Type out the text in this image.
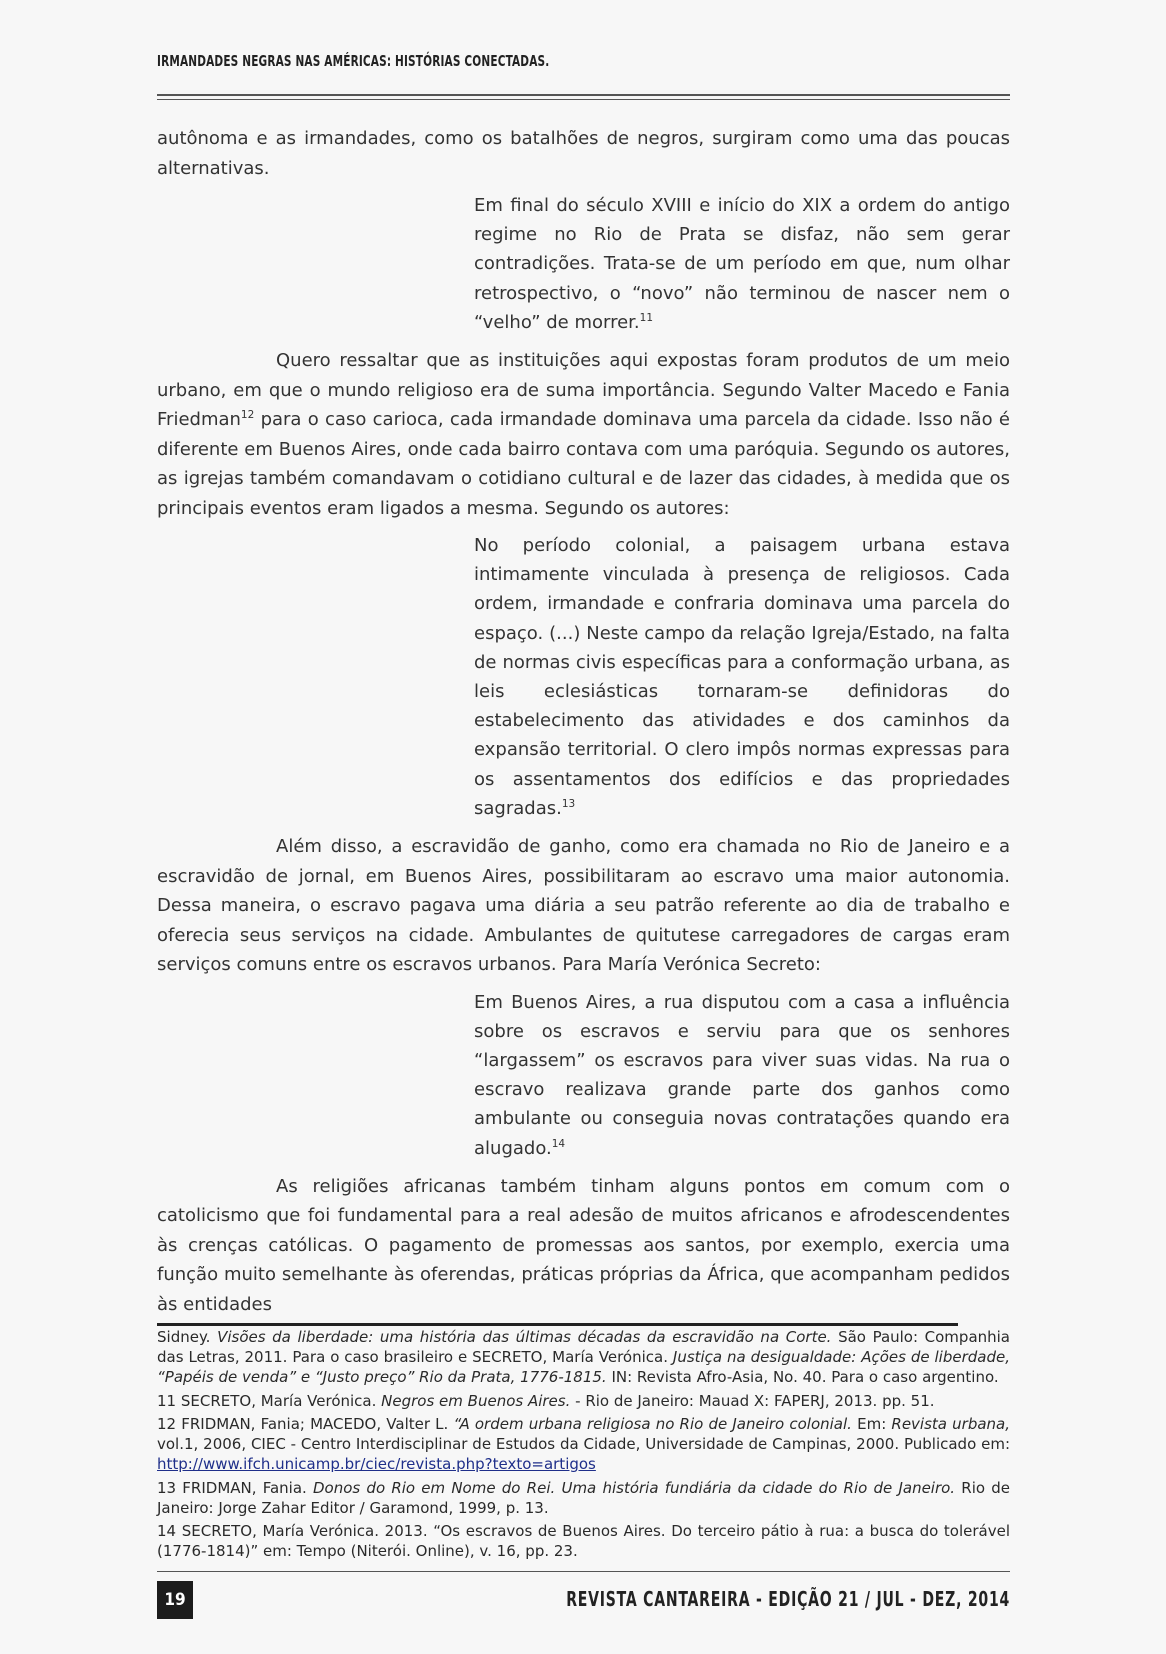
IRMANDADES NEGRAS NAS AMÉRICAS: HISTÓRIAS CONECTADAS.

autônoma e as irmandades, como os batalhões de negros, surgiram como uma das poucas alternativas.

Em final do século XVIII e início do XIX a ordem do antigo regime no Rio de Prata se disfaz, não sem gerar contradições. Trata-se de um período em que, num olhar retrospectivo, o “novo” não terminou de nascer nem o “velho” de morrer.$^{11}$

Quero ressaltar que as instituições aqui expostas foram produtos de um meio urbano, em que o mundo religioso era de suma importância. Segundo Valter Macedo e Fania Friedman$^{12}$ para o caso carioca, cada irmandade dominava uma parcela da cidade. Isso não é diferente em Buenos Aires, onde cada bairro contava com uma paróquia. Segundo os autores, as igrejas também comandavam o cotidiano cultural e de lazer das cidades, à medida que os principais eventos eram ligados a mesma. Segundo os autores:

No período colonial, a paisagem urbana estava intimamente vinculada à presença de religiosos. Cada ordem, irmandade e confraria dominava uma parcela do espaço. (...) Neste campo da relação Igreja/Estado, na falta de normas civis específicas para a conformação urbana, as leis eclesiásticas tornaram-se definidoras do estabelecimento das atividades e dos caminhos da expansão territorial. O clero impôs normas expressas para os assentamentos dos edifícios e das propriedades sagradas.$^{13}$

Além disso, a escravidão de ganho, como era chamada no Rio de Janeiro e a escravidão de jornal, em Buenos Aires, possibilitaram ao escravo uma maior autonomia. Dessa maneira, o escravo pagava uma diária a seu patrão referente ao dia de trabalho e oferecia seus serviços na cidade. Ambulantes de quitutese carregadores de cargas eram serviços comuns entre os escravos urbanos. Para María Verónica Secreto:

Em Buenos Aires, a rua disputou com a casa a influência sobre os escravos e serviu para que os senhores “largassem” os escravos para viver suas vidas. Na rua o escravo realizava grande parte dos ganhos como ambulante ou conseguia novas contratações quando era alugado.$^{14}$

As religiões africanas também tinham alguns pontos em comum com o catolicismo que foi fundamental para a real adesão de muitos africanos e afrodescendentes às crenças católicas. O pagamento de promessas aos santos, por exemplo, exercia uma função muito semelhante às oferendas, práticas próprias da África, que acompanham pedidos às entidades

Sidney. Visões da liberdade: uma história das últimas décadas da escravidão na Corte. São Paulo: Companhia das Letras, 2011. Para o caso brasileiro e SECRETO, María Verónica. Justiça na desigualdade: Ações de liberdade, “Papéis de venda” e “Justo preço” Rio da Prata, 1776-1815. IN: Revista Afro-Asia, No. 40. Para o caso argentino.

11 SECRETO, María Verónica. Negros em Buenos Aires. - Rio de Janeiro: Mauad X: FAPERJ, 2013. pp. 51.

12 FRIDMAN, Fania; MACEDO, Valter L. “A ordem urbana religiosa no Rio de Janeiro colonial. Em: Revista urbana, vol.1, 2006, CIEC - Centro Interdisciplinar de Estudos da Cidade, Universidade de Campinas, 2000. Publicado em: http://www.ifch.unicamp.br/ciec/revista.php?texto=artigos

13 FRIDMAN, Fania. Donos do Rio em Nome do Rei. Uma história fundiária da cidade do Rio de Janeiro. Rio de Janeiro: Jorge Zahar Editor / Garamond, 1999, p. 13.

14 SECRETO, María Verónica. 2013. “Os escravos de Buenos Aires. Do terceiro pátio à rua: a busca do tolerável (1776-1814)” em: Tempo (Niterói. Online), v. 16, pp. 23.

19	REVISTA CANTAREIRA - EDIÇÃO 21 / JUL - DEZ, 2014
